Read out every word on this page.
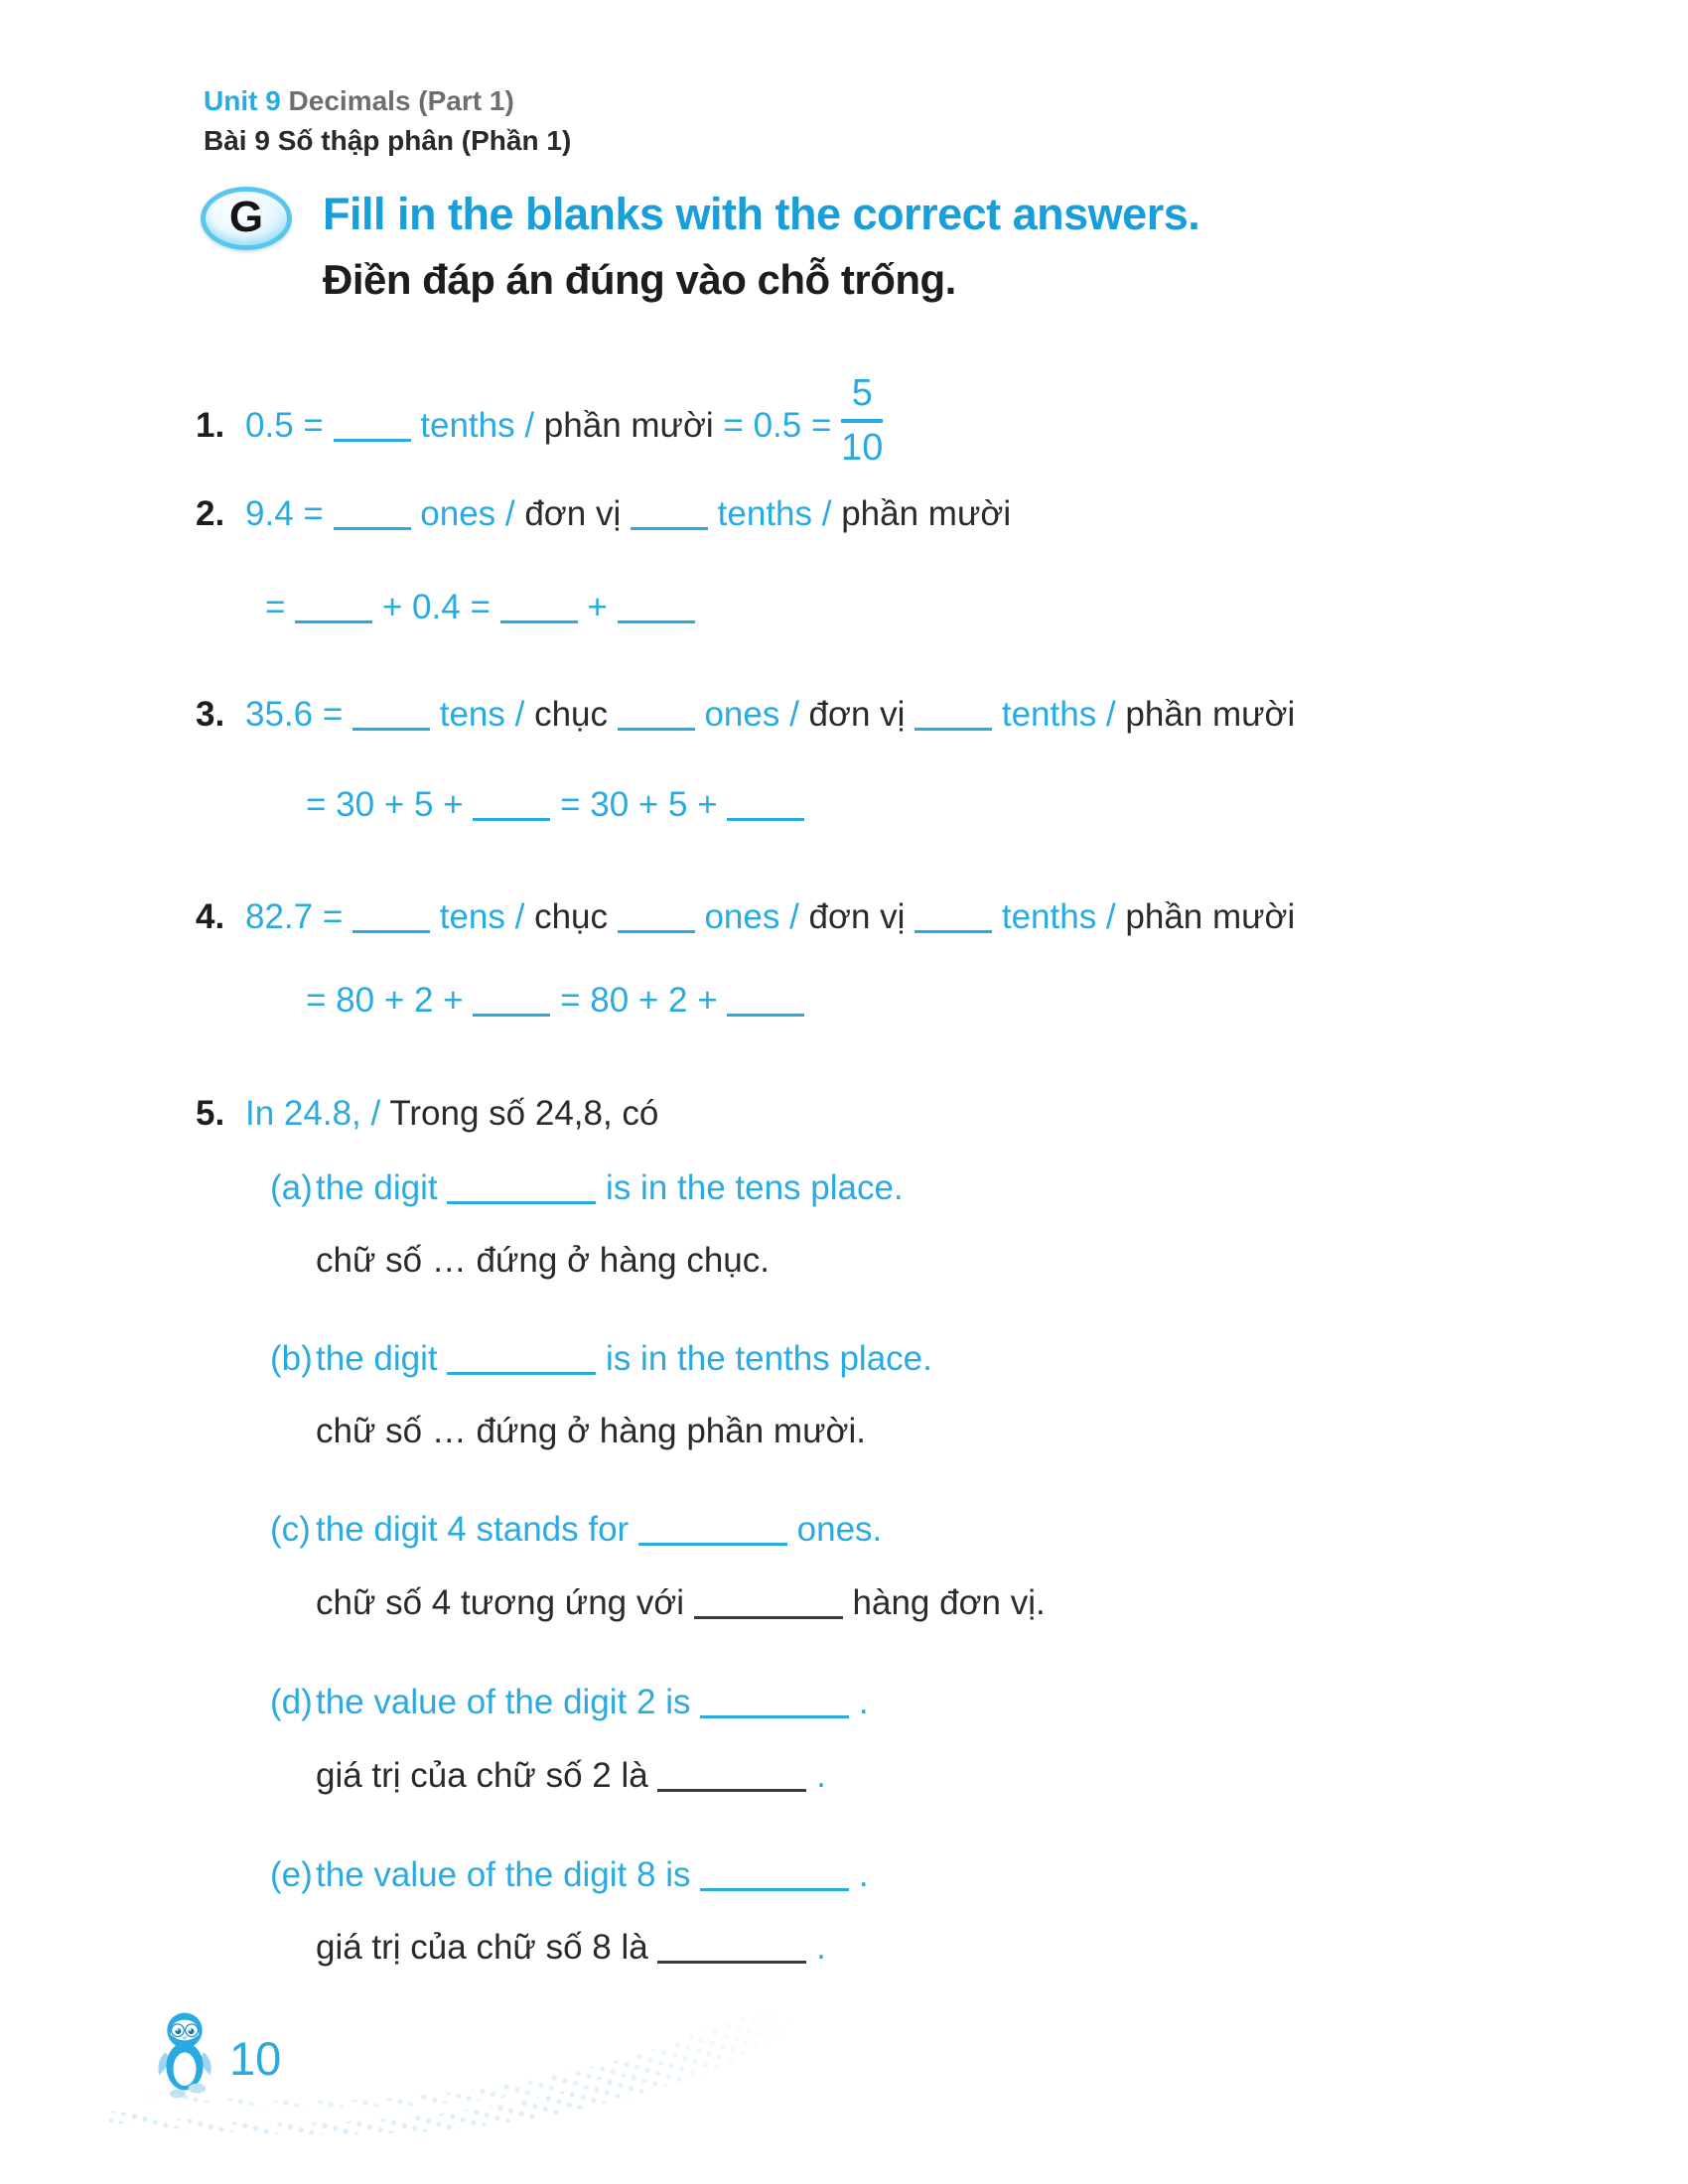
Unit 9 Decimals (Part 1)
Bài 9 Số thập phân (Phần 1)
G Fill in the blanks with the correct answers.
Điền đáp án đúng vào chỗ trống.
1. 0.5 =  tenths / phần mười = $0.5 = \frac{5}{10}$
2. 9.4 =  ones / đơn vị  tenths / phần mười
=  + 0.4 =  +
3. 35.6 =  tens / chục  ones / đơn vị  tenths / phần mười
= 30 + 5 +  = 30 + 5 +
4. 82.7 =  tens / chục  ones / đơn vị  tenths / phần mười
= 80 + 2 +  = 80 + 2 +
5. In 24.8, / Trong số 24,8, có
(a)the digit	is in the tens place.
chữ số … đứng ở hàng chục.
(b)the digit	is in the tenths place.
chữ số … đứng ở hàng phần mười.
(c) the digit 4 stands for	ones.
chữ số 4 tương ứng với	hàng đơn vị.
(d)the value of the digit 2 is	.
giá trị của chữ số 2 là	.
(e)the value of the digit 8 is	.
giá trị của chữ số 8 là	.
10
